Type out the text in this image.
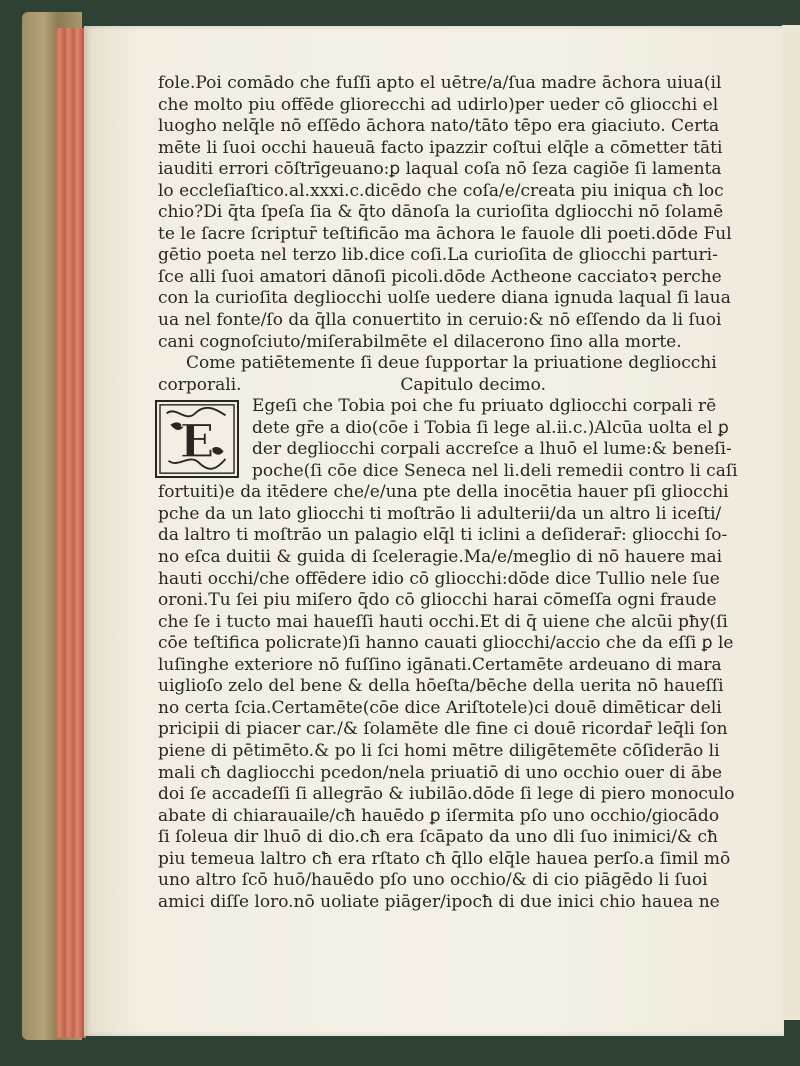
fole.Poi comādo che fuſſi apto el uētre/a/ſua madre āchora uiua(il
che molto piu offēde gliorecchi ad udirlo)per ueder cō gliocchi el
luogho nelq̄le nō eſſēdo āchora nato/tāto tēpo era giaciuto. Certa
mēte li ſuoi occhi haueuā facto ipazzir coſtui elq̄le a cōmetter tāti
iauditi errori cōſtrīgeuano:ꝑ laqual coſa nō ſeza cagiōe ſi lamenta
lo eccleſiaſtico.al.xxxi.c.dicēdo che coſa/e/creata piu iniqua cħ loc
chio?Di q̄ta ſpeſa ſia & q̄to dānoſa la curioſita dgliocchi nō ſolamē
te le ſacre ſcriptur̄ teſtificāo ma āchora le fauole dli poeti.dōde Ful
gētio poeta nel terzo lib.dice coſi.La curioſita de gliocchi parturi-
ſce alli ſuoi amatori dānoſi picoli.dōde Actheone cacciatoꝛ perche
con la curioſita degliocchi uolſe uedere diana ignuda laqual ſi laua
ua nel fonte/ſo da q̄lla conuertito in ceruio:& nō eſſendo da li ſuoi
cani cognoſciuto/miſerabilmēte el dilacerono ſino alla morte.
Come patiētemente ſi deue ſupportar la priuatione degliocchi
corporali.	Capitulo decimo.
E
Egeſi che Tobia poi che fu priuato dgliocchi corpali rē
dete gr̄e a dio(cōe i Tobia ſi lege al.ii.c.)Alcūa uolta el ꝑ
der degliocchi corpali accreſce a lhuō el lume:& beneſi-
poche(ſi cōe dice Seneca nel li.deli remedii contro li caſi
fortuiti)e da itēdere che/e/una pte della inocētia hauer pſi gliocchi
pche da un lato gliocchi ti moſtrāo li adulterii/da un altro li iceſti/
da laltro ti moſtrāo un palagio elq̄l ti iclini a deſiderar̄: gliocchi ſo-
no eſca duitii & guida di ſceleragie.Ma/e/meglio di nō hauere mai
hauti occhi/che offēdere idio cō gliocchi:dōde dice Tullio nele ſue
oroni.Tu ſei piu miſero q̄do cō gliocchi harai cōmeſſa ogni fraude
che ſe i tucto mai haueſſi hauti occhi.Et di q̄ uiene che alcūi pħy(ſi
cōe teſtifica policrate)ſi hanno cauati gliocchi/accio che da eſſi ꝑ le
luſinghe exteriore nō fuſſino igānati.Certamēte ardeuano di mara
uiglioſo zelo del bene & della hōeſta/bēche della uerita nō haueſſi
no certa ſcia.Certamēte(cōe dice Ariſtotele)ci douē dimēticar deli
pricipii di piacer car./& ſolamēte dle fine ci douē ricordar̄ leq̄li ſon
piene di pētimēto.& po li ſci homi mētre diligētemēte cōſiderāo li
mali cħ dagliocchi pcedon/nela priuatiō di uno occhio ouer di ābe
doi ſe accadeſſi ſi allegrāo & iubilāo.dōde ſi lege di piero monoculo
abate di chiarauaile/cħ hauēdo ꝑ iſermita pſo uno occhio/giocādo
ſi ſoleua dir lhuō di dio.cħ era ſcāpato da uno dli ſuo inimici/& cħ
piu temeua laltro cħ era rſtato cħ q̄llo elq̄le hauea perſo.a ſimil mō
uno altro ſcō huō/hauēdo pſo uno occhio/& di cio piāgēdo li ſuoi
amici diſſe loro.nō uoliate piāger/ipocħ di due inici chio hauea ne
